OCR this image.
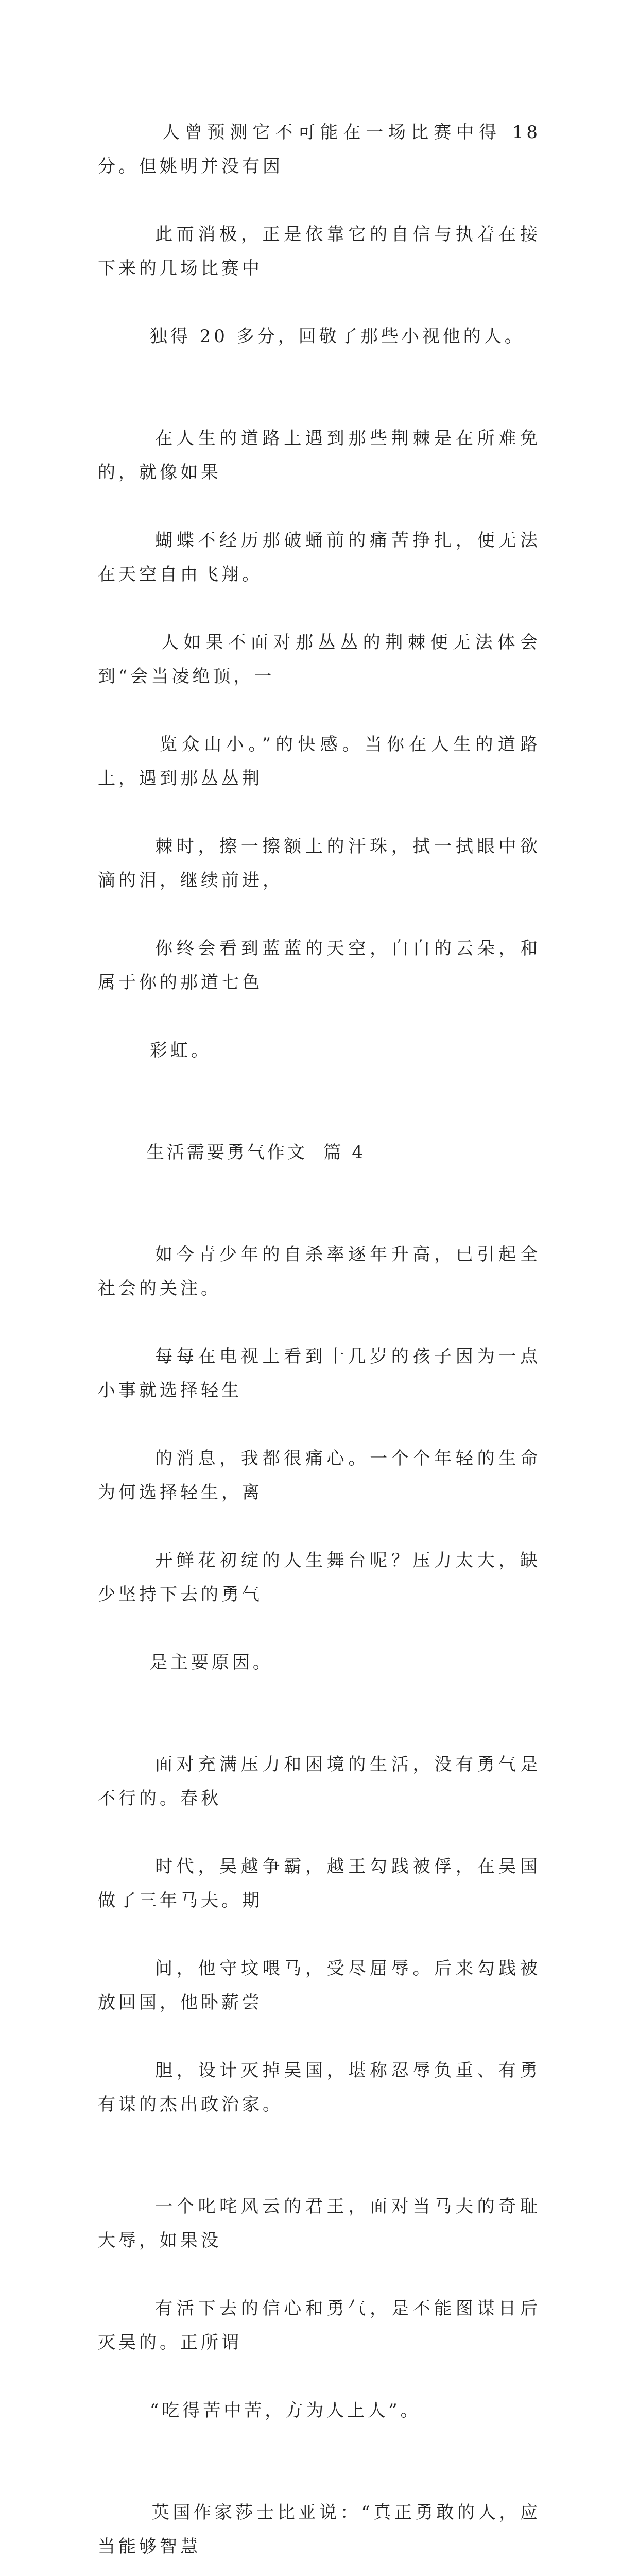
人曾预测它不可能在一场比赛中得 18 分。但姚明并没有因

此而消极，正是依靠它的自信与执着在接下来的几场比赛中

独得 20 多分，回敬了那些小视他的人。

在人生的道路上遇到那些荆棘是在所难免的，就像如果

蝴蝶不经历那破蛹前的痛苦挣扎，便无法在天空自由飞翔。

人如果不面对那丛丛的荆棘便无法体会到“会当凌绝顶，一

览众山小。”的快感。当你在人生的道路上，遇到那丛丛荆

棘时，擦一擦额上的汗珠，拭一拭眼中欲滴的泪，继续前进，

你终会看到蓝蓝的天空，白白的云朵，和属于你的那道七色

彩虹。

生活需要勇气作文  篇 4

如今青少年的自杀率逐年升高，已引起全社会的关注。

每每在电视上看到十几岁的孩子因为一点小事就选择轻生

的消息，我都很痛心。一个个年轻的生命为何选择轻生，离

开鲜花初绽的人生舞台呢？压力太大，缺少坚持下去的勇气

是主要原因。

面对充满压力和困境的生活，没有勇气是不行的。春秋

时代，吴越争霸，越王勾践被俘，在吴国做了三年马夫。期

间，他守坟喂马，受尽屈辱。后来勾践被放回国，他卧薪尝

胆，设计灭掉吴国，堪称忍辱负重、有勇有谋的杰出政治家。

一个叱咤风云的君王，面对当马夫的奇耻大辱，如果没

有活下去的信心和勇气，是不能图谋日后灭吴的。正所谓

“吃得苦中苦，方为人上人”。

英国作家莎士比亚说：“真正勇敢的人，应当能够智慧
